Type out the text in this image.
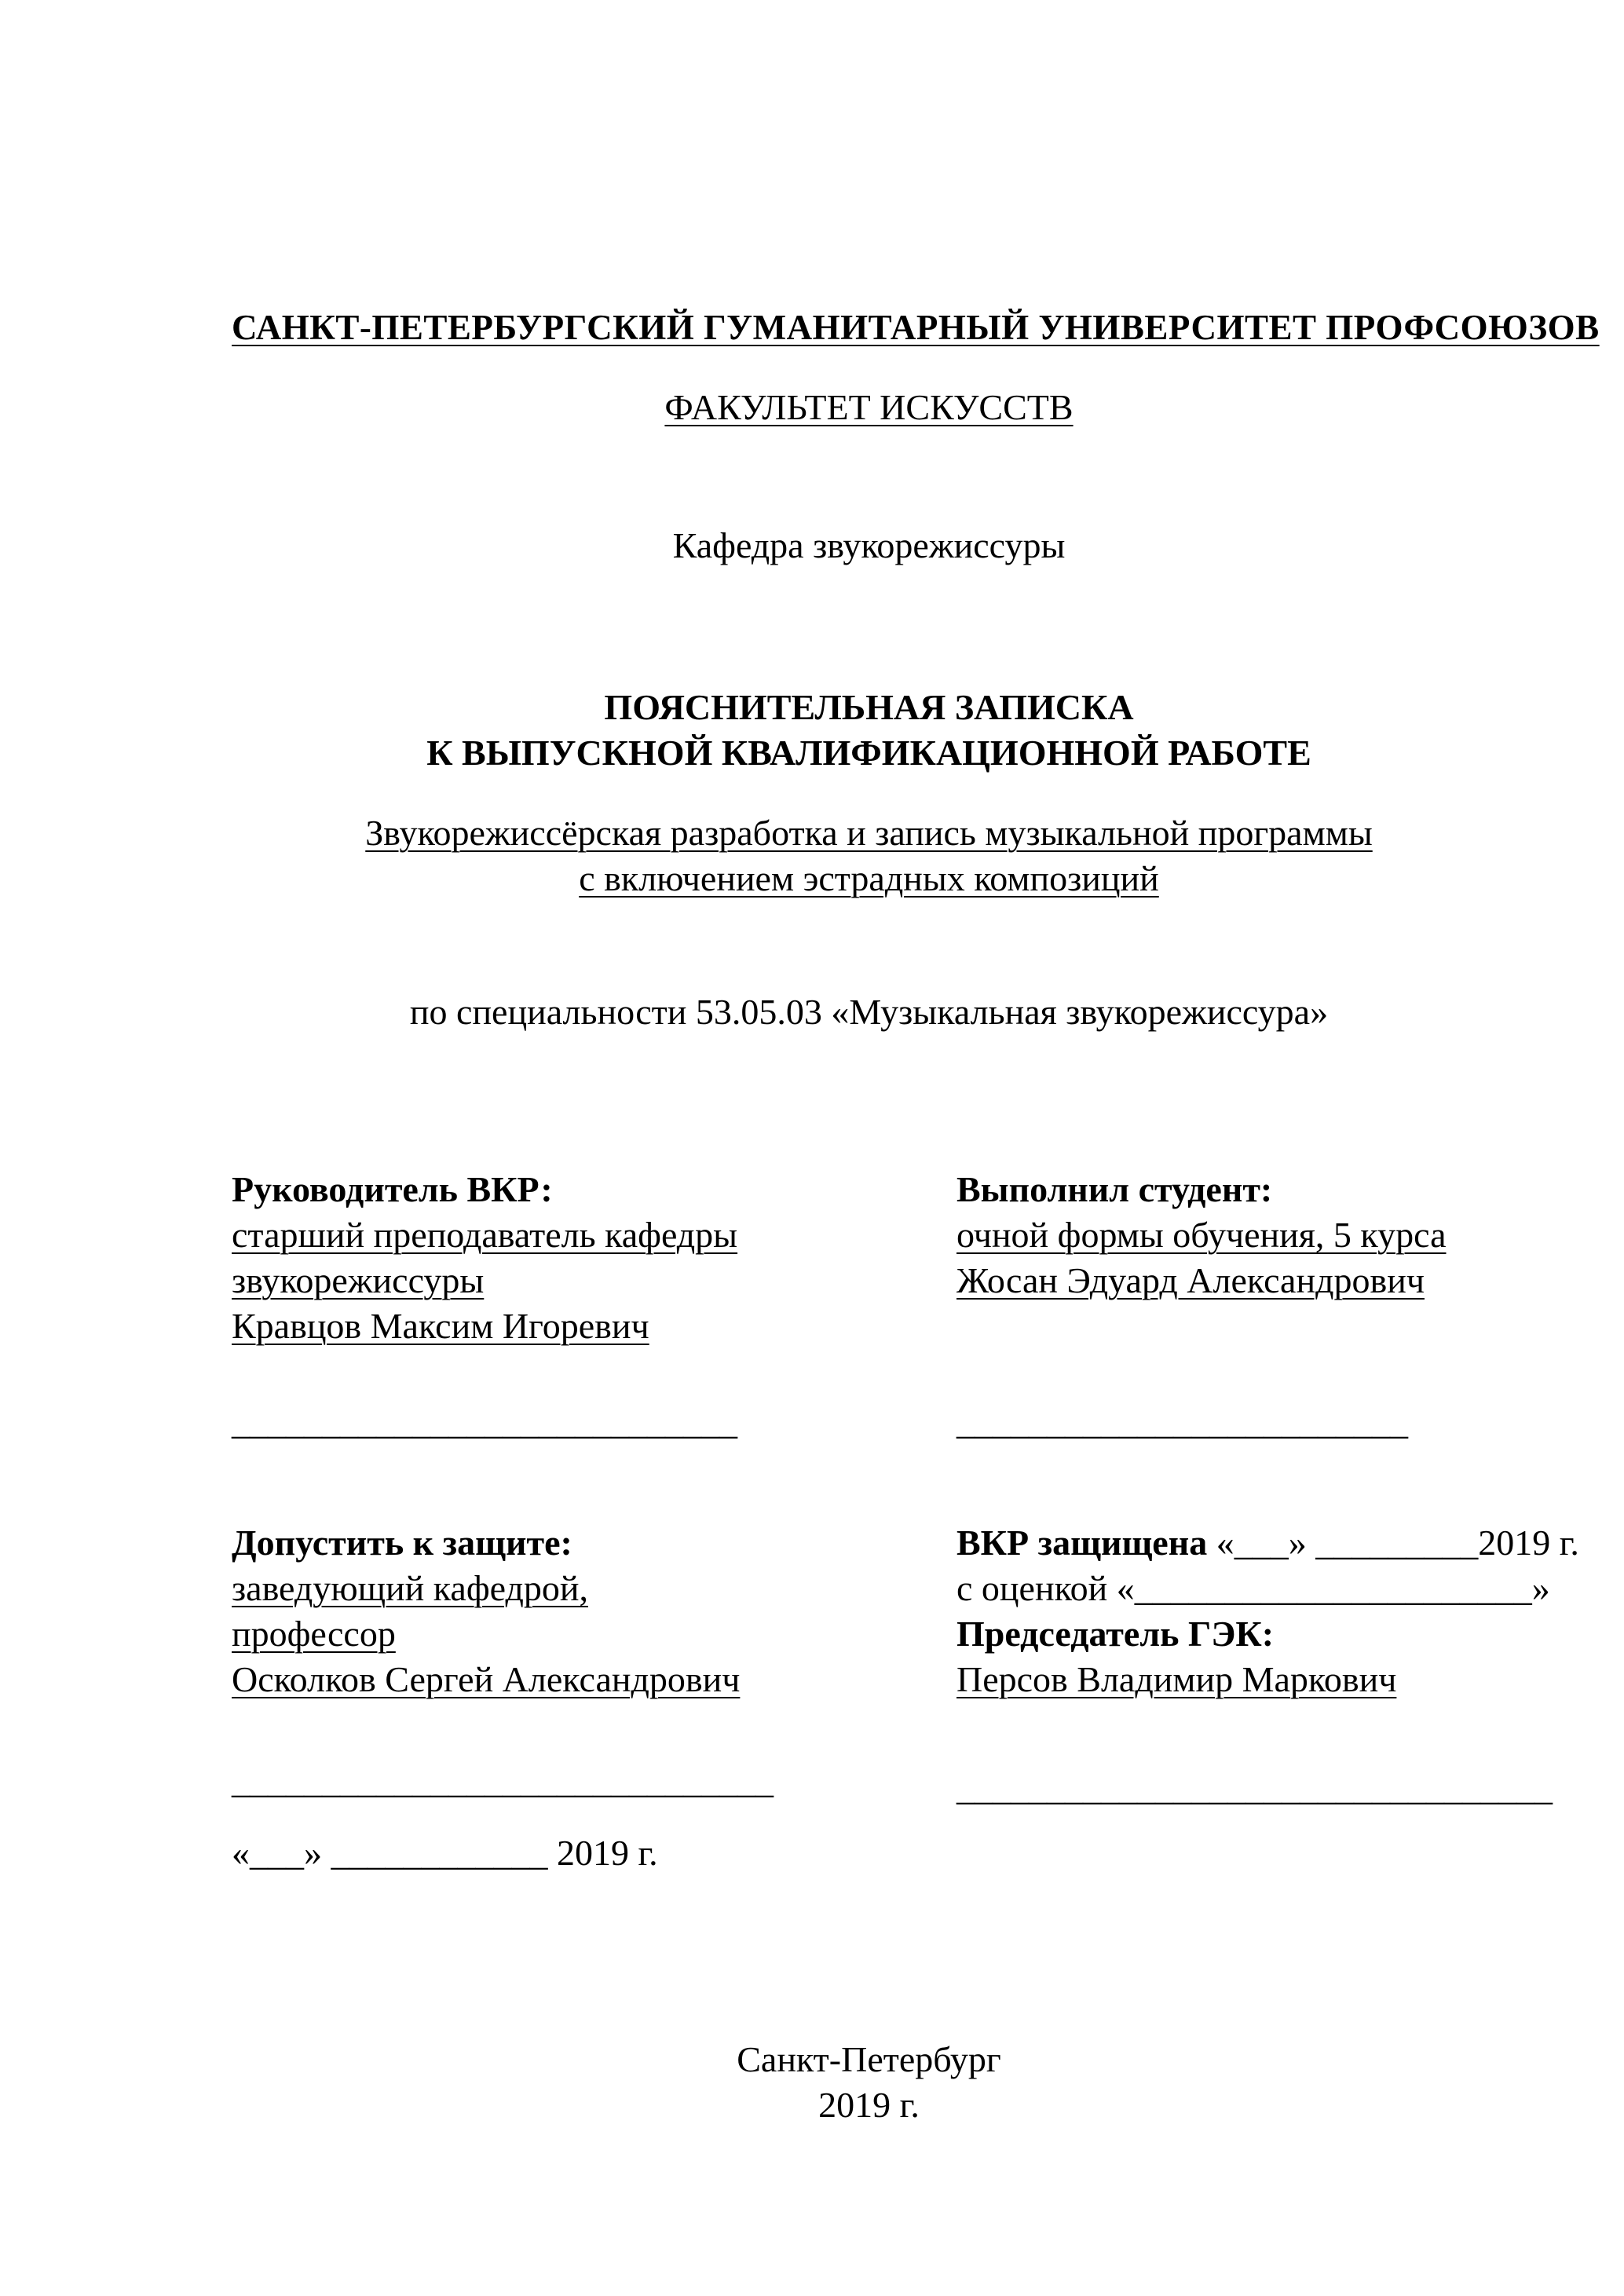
САНКТ-ПЕТЕРБУРГСКИЙ ГУМАНИТАРНЫЙ УНИВЕРСИТЕТ ПРОФСОЮЗОВ
ФАКУЛЬТЕТ ИСКУССТВ
Кафедра звукорежиссуры
ПОЯСНИТЕЛЬНАЯ ЗАПИСКА
К ВЫПУСКНОЙ КВАЛИФИКАЦИОННОЙ РАБОТЕ
Звукорежиссёрская разработка и запись музыкальной программы
с включением эстрадных композиций
по специальности 53.05.03 «Музыкальная звукорежиссура»
Руководитель ВКР:
старший преподаватель кафедры
звукорежиссуры
Кравцов Максим Игоревич
____________________________
Выполнил студент:
очной формы обучения, 5 курса
Жосан Эдуард Александрович
_________________________
Допустить к защите:
заведующий кафедрой,
профессор
Осколков Сергей Александрович
______________________________
«___» ____________ 2019 г.
ВКР защищена «___» _________2019 г.
с оценкой «______________________»
Председатель ГЭК:
Персов Владимир Маркович
_________________________________
Санкт-Петербург
2019 г.
